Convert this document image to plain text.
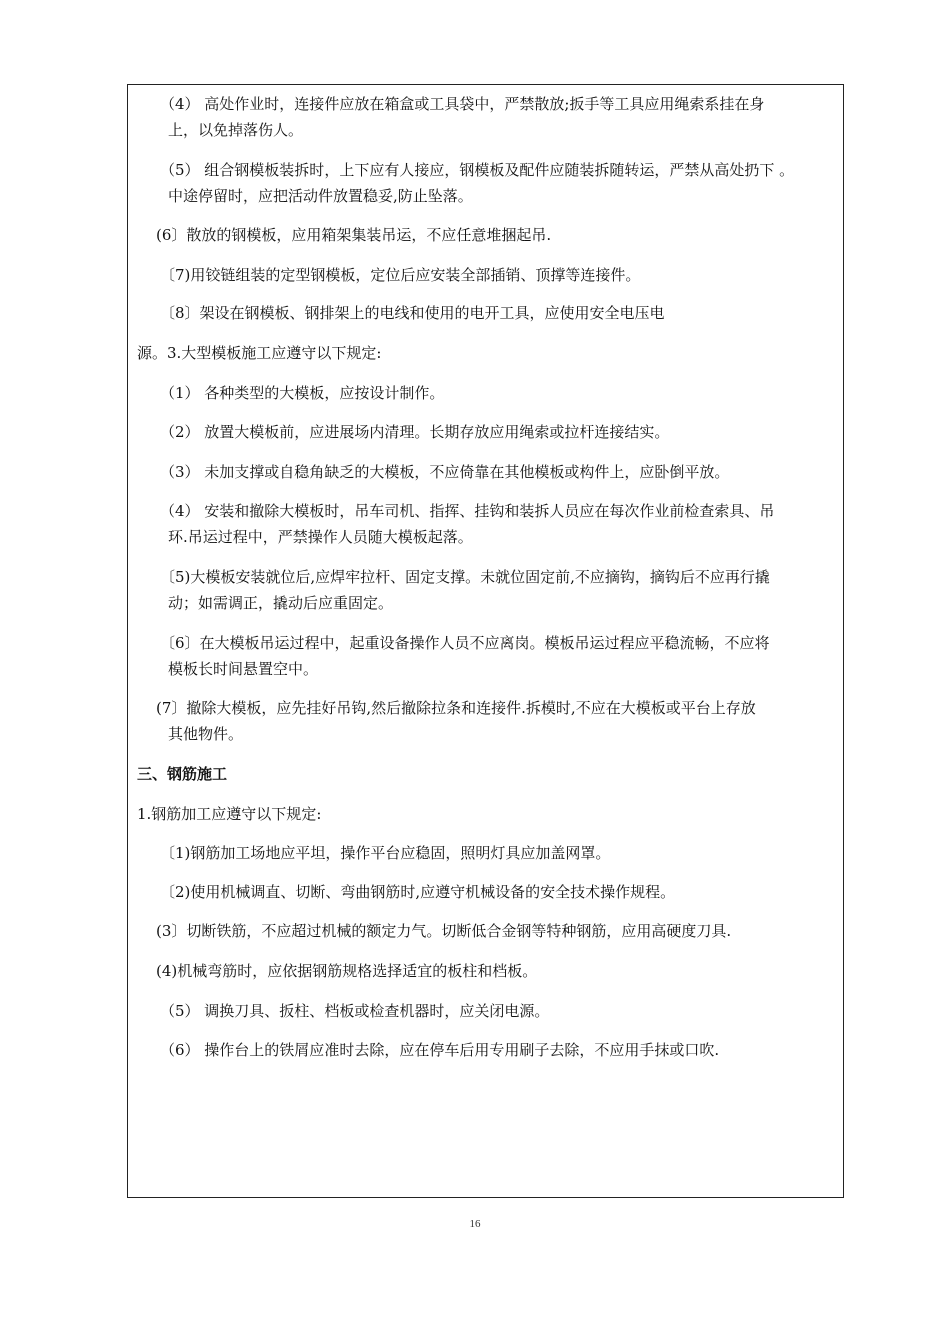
（4） 高处作业时，连接件应放在箱盒或工具袋中，严禁散放;扳手等工具应用绳索系挂在身

上，以免掉落伤人。

（5） 组合钢模板装拆时，上下应有人接应，钢模板及配件应随装拆随转运，严禁从高处扔下 。

中途停留时，应把活动件放置稳妥,防止坠落。

(6〕散放的钢模板，应用箱架集装吊运，不应任意堆捆起吊.

〔7)用铰链组装的定型钢模板，定位后应安装全部插销、顶撑等连接件。

〔8〕架设在钢模板、钢排架上的电线和使用的电开工具，应使用安全电压电

源。3.大型模板施工应遵守以下规定:

（1） 各种类型的大模板，应按设计制作。

（2） 放置大模板前，应进展场内清理。长期存放应用绳索或拉杆连接结实。

（3） 未加支撑或自稳角缺乏的大模板，不应倚靠在其他模板或构件上，应卧倒平放。

（4） 安装和撤除大模板时，吊车司机、指挥、挂钩和装拆人员应在每次作业前检查索具、吊

环.吊运过程中，严禁操作人员随大模板起落。

〔5)大模板安装就位后,应焊牢拉杆、固定支撑。未就位固定前,不应摘钩，摘钩后不应再行撬

动；如需调正，撬动后应重固定。

〔6〕在大模板吊运过程中，起重设备操作人员不应离岗。模板吊运过程应平稳流畅，不应将

模板长时间悬置空中。

(7〕撤除大模板，应先挂好吊钩,然后撤除拉条和连接件.拆模时,不应在大模板或平台上存放

其他物件。

三、钢筋施工

1.钢筋加工应遵守以下规定:

〔1)钢筋加工场地应平坦，操作平台应稳固，照明灯具应加盖网罩。

〔2)使用机械调直、切断、弯曲钢筋时,应遵守机械设备的安全技术操作规程。

(3〕切断铁筋，不应超过机械的额定力气。切断低合金钢等特种钢筋，应用高硬度刀具.

(4)机械弯筋时，应依据钢筋规格选择适宜的板柱和档板。

（5） 调换刀具、扳柱、档板或检查机器时，应关闭电源。

（6） 操作台上的铁屑应准时去除，应在停车后用专用刷子去除，不应用手抹或口吹.

16
